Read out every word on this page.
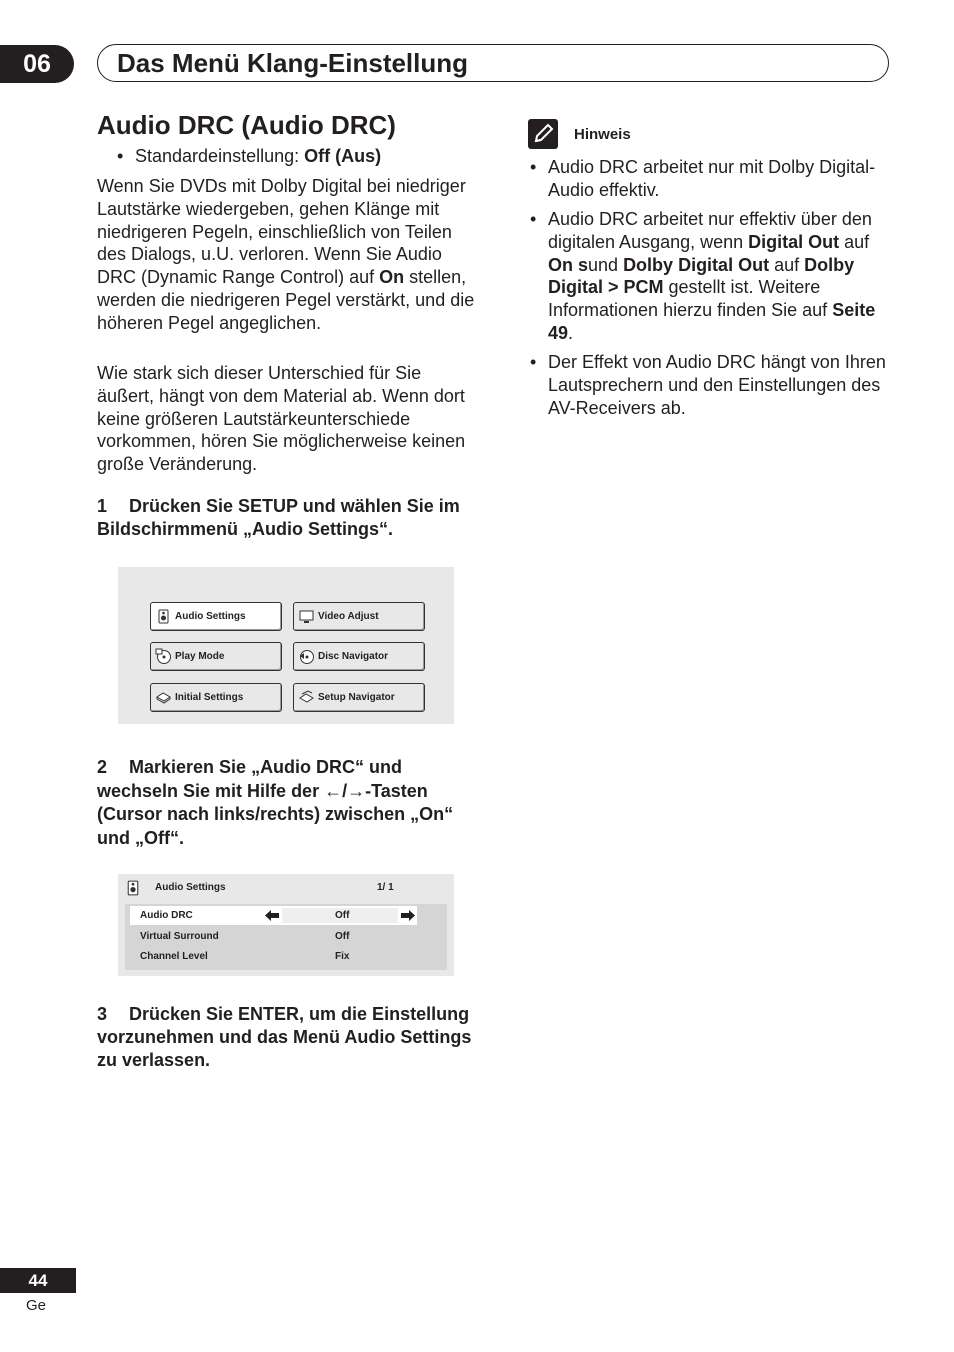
06	Das Menü Klang-Einstellung
Audio DRC (Audio DRC)
• Standardeinstellung: Off (Aus)
Wenn Sie DVDs mit Dolby Digital bei niedriger Lautstärke wiedergeben, gehen Klänge mit niedrigeren Pegeln, einschließlich von Teilen des Dialogs, u.U. verloren. Wenn Sie Audio DRC (Dynamic Range Control) auf On stellen, werden die niedrigeren Pegel verstärkt, und die höheren Pegel angeglichen.
Wie stark sich dieser Unterschied für Sie äußert, hängt von dem Material ab. Wenn dort keine größeren Lautstärkeunterschiede vorkommen, hören Sie möglicherweise keinen große Veränderung.
1 Drücken Sie SETUP und wählen Sie im Bildschirmmenü „Audio Settings“.
Audio Settings	Video Adjust
Play Mode	Disc Navigator
Initial Settings	Setup Navigator
2 Markieren Sie „Audio DRC“ und wechseln Sie mit Hilfe der ←/→-Tasten (Cursor nach links/rechts) zwischen „On“ und „Off“.
Audio Settings	1/ 1
Audio DRC	Off
Virtual Surround	Off
Channel Level	Fix
3 Drücken Sie ENTER, um die Einstellung vorzunehmen und das Menü Audio Settings zu verlassen.
Hinweis
• Audio DRC arbeitet nur mit Dolby Digital-Audio effektiv.
• Audio DRC arbeitet nur effektiv über den digitalen Ausgang, wenn Digital Out auf On sund Dolby Digital Out auf Dolby Digital > PCM gestellt ist. Weitere Informationen hierzu finden Sie auf Seite 49.
• Der Effekt von Audio DRC hängt von Ihren Lautsprechern und den Einstellungen des AV-Receivers ab.
44
Ge
